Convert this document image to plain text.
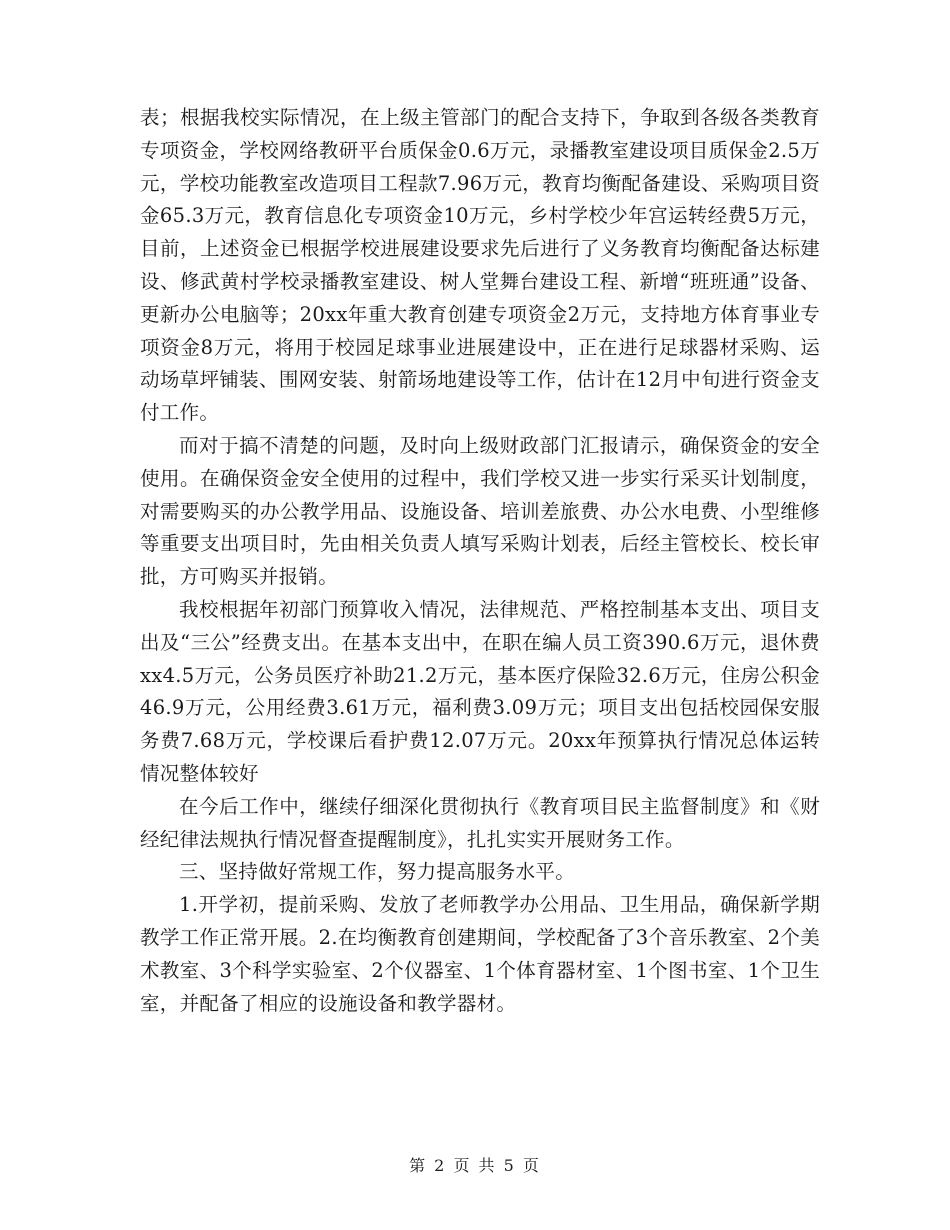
表；根据我校实际情况，在上级主管部门的配合支持下，争取到各级各类教育专项资金，学校网络教研平台质保金0.6万元，录播教室建设项目质保金2.5万元，学校功能教室改造项目工程款7.96万元，教育均衡配备建设、采购项目资金65.3万元，教育信息化专项资金10万元，乡村学校少年宫运转经费5万元，目前，上述资金已根据学校进展建设要求先后进行了义务教育均衡配备达标建设、修武黄村学校录播教室建设、树人堂舞台建设工程、新增“班班通”设备、更新办公电脑等；20xx年重大教育创建专项资金2万元，支持地方体育事业专项资金8万元，将用于校园足球事业进展建设中，正在进行足球器材采购、运动场草坪铺装、围网安装、射箭场地建设等工作，估计在12月中旬进行资金支付工作。

而对于搞不清楚的问题，及时向上级财政部门汇报请示，确保资金的安全使用。在确保资金安全使用的过程中，我们学校又进一步实行采买计划制度，对需要购买的办公教学用品、设施设备、培训差旅费、办公水电费、小型维修等重要支出项目时，先由相关负责人填写采购计划表，后经主管校长、校长审批，方可购买并报销。

我校根据年初部门预算收入情况，法律规范、严格控制基本支出、项目支出及“三公”经费支出。在基本支出中，在职在编人员工资390.6万元，退休费xx4.5万元，公务员医疗补助21.2万元，基本医疗保险32.6万元，住房公积金46.9万元，公用经费3.61万元，福利费3.09万元；项目支出包括校园保安服务费7.68万元，学校课后看护费12.07万元。20xx年预算执行情况总体运转情况整体较好

在今后工作中，继续仔细深化贯彻执行《教育项目民主监督制度》和《财经纪律法规执行情况督查提醒制度》，扎扎实实开展财务工作。

三、坚持做好常规工作，努力提高服务水平。

1.开学初，提前采购、发放了老师教学办公用品、卫生用品，确保新学期教学工作正常开展。2.在均衡教育创建期间，学校配备了3个音乐教室、2个美术教室、3个科学实验室、2个仪器室、1个体育器材室、1个图书室、1个卫生室，并配备了相应的设施设备和教学器材。

第 2 页 共 5 页
